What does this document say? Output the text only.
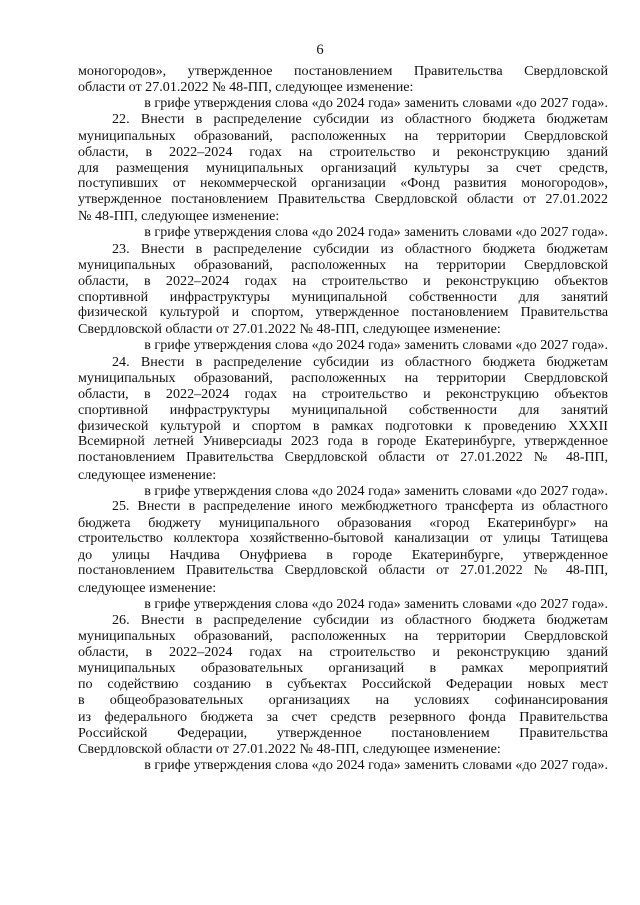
6
моногородов», утвержденное постановлением Правительства Свердловской
области от 27.01.2022 № 48-ПП, следующее изменение:
в грифе утверждения слова «до 2024 года» заменить словами «до 2027 года».
22. Внести в распределение субсидии из областного бюджета бюджетам
муниципальных образований, расположенных на территории Свердловской
области, в 2022–2024 годах на строительство и реконструкцию зданий
для размещения муниципальных организаций культуры за счет средств,
поступивших от некоммерческой организации «Фонд развития моногородов»,
утвержденное постановлением Правительства Свердловской области от 27.01.2022
№ 48-ПП, следующее изменение:
в грифе утверждения слова «до 2024 года» заменить словами «до 2027 года».
23. Внести в распределение субсидии из областного бюджета бюджетам
муниципальных образований, расположенных на территории Свердловской
области, в 2022–2024 годах на строительство и реконструкцию объектов
спортивной инфраструктуры муниципальной собственности для занятий
физической культурой и спортом, утвержденное постановлением Правительства
Свердловской области от 27.01.2022 № 48-ПП, следующее изменение:
в грифе утверждения слова «до 2024 года» заменить словами «до 2027 года».
24. Внести в распределение субсидии из областного бюджета бюджетам
муниципальных образований, расположенных на территории Свердловской
области, в 2022–2024 годах на строительство и реконструкцию объектов
спортивной инфраструктуры муниципальной собственности для занятий
физической культурой и спортом в рамках подготовки к проведению XXXII
Всемирной летней Универсиады 2023 года в городе Екатеринбурге, утвержденное
постановлением Правительства Свердловской области от 27.01.2022 № 48-ПП,
следующее изменение:
в грифе утверждения слова «до 2024 года» заменить словами «до 2027 года».
25. Внести в распределение иного межбюджетного трансферта из областного
бюджета бюджету муниципального образования «город Екатеринбург» на
строительство коллектора хозяйственно-бытовой канализации от улицы Татищева
до улицы Начдива Онуфриева в городе Екатеринбурге, утвержденное
постановлением Правительства Свердловской области от 27.01.2022 № 48-ПП,
следующее изменение:
в грифе утверждения слова «до 2024 года» заменить словами «до 2027 года».
26. Внести в распределение субсидии из областного бюджета бюджетам
муниципальных образований, расположенных на территории Свердловской
области, в 2022–2024 годах на строительство и реконструкцию зданий
муниципальных образовательных организаций в рамках мероприятий
по содействию созданию в субъектах Российской Федерации новых мест
в общеобразовательных организациях на условиях софинансирования
из федерального бюджета за счет средств резервного фонда Правительства
Российской Федерации, утвержденное постановлением Правительства
Свердловской области от 27.01.2022 № 48-ПП, следующее изменение:
в грифе утверждения слова «до 2024 года» заменить словами «до 2027 года».
